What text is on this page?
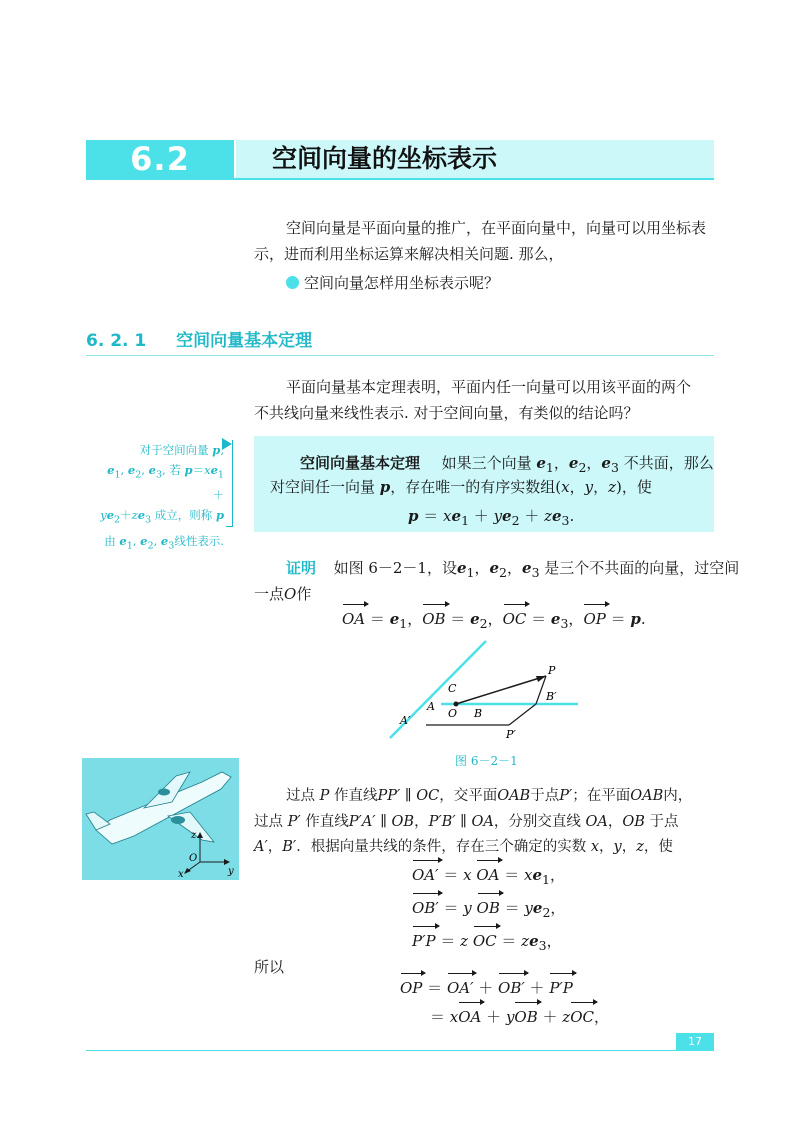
6.2	空间向量的坐标表示
空间向量是平面向量的推广，在平面向量中，向量可以用坐标表
示，进而利用坐标运算来解决相关问题. 那么，
空间向量怎样用坐标表示呢？
6. 2. 1 空间向量基本定理
平面向量基本定理表明，平面内任一向量可以用该平面的两个
不共线向量来线性表示. 对于空间向量，有类似的结论吗？
对于空间向量 p,
$e_1$, $e_2$, $e_3$, 若 $p=xe_1+$
$ye_2+ze_3$ 成立，则称 p
由 $e_1$, $e_2$, $e_3$线性表示.
空间向量基本定理 如果三个向量 $e_1$，$e_2$，$e_3$ 不共面，那么
对空间任一向量 p，存在唯一的有序实数组(x，y，z)，使
$p = xe_1 + ye_2 + ze_3$.
证明 如图 6－2－1，设$e_1$，$e_2$，$e_3$ 是三个不共面的向量，过空间
一点O作
OA ＝ $e_1$，OB ＝ $e_2$，OC ＝ $e_3$，OP ＝ p.
P
C
B′
A
O B
A′
P′
图 6－2－1
z
O
x	y
过点 P 作直线PP′ ∥ OC，交平面OAB于点P′；在平面OAB内，
过点 P′ 作直线P′A′ ∥ OB，P′B′ ∥ OA，分别交直线 OA，OB 于点
A′，B′．根据向量共线的条件，存在三个确定的实数 x，y，z，使
OA′ ＝ x OA ＝ $xe_1$，
OB′ ＝ y OB ＝ $ye_2$，
P′P ＝ z OC ＝ $ze_3$，
所以
OP ＝ OA′ ＋ OB′ ＋ P′P
＝ xOA ＋ yOB ＋ zOC，
17
